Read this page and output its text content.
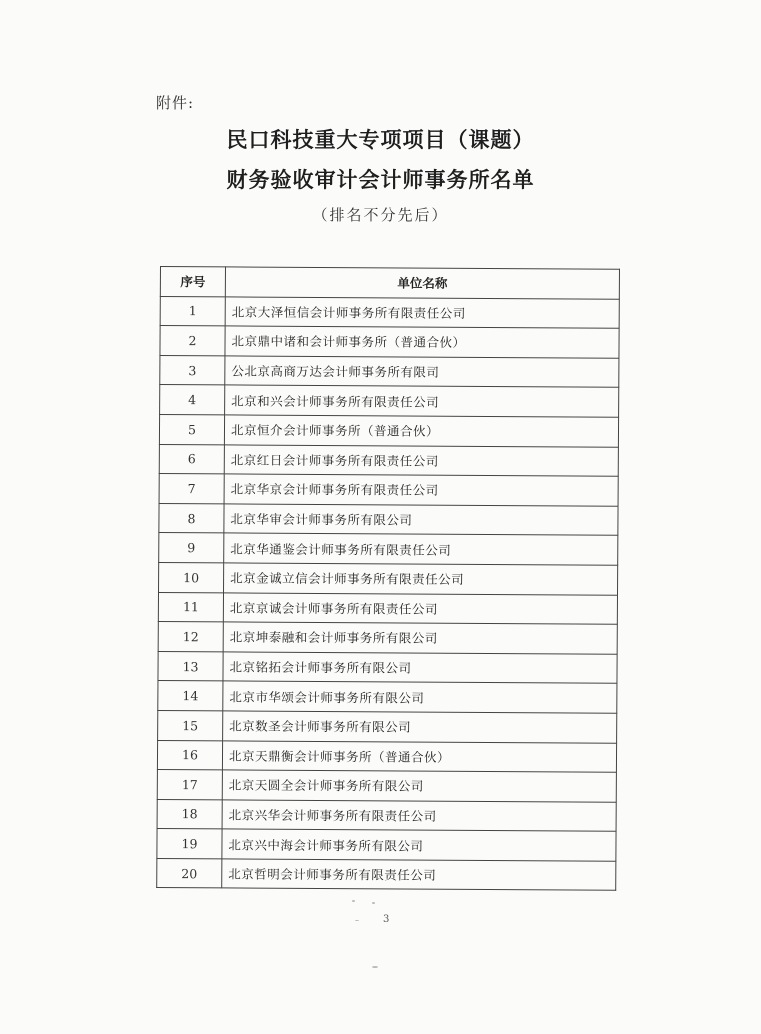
附件:
民口科技重大专项项目（课题）
财务验收审计会计师事务所名单
（排名不分先后）
序号	单位名称
1	北京大泽恒信会计师事务所有限责任公司
2	北京鼎中诸和会计师事务所（普通合伙）
3	公北京高商万达会计师事务所有限司
4	北京和兴会计师事务所有限责任公司
5	北京恒介会计师事务所（普通合伙）
6	北京红日会计师事务所有限责任公司
7	北京华京会计师事务所有限责任公司
8	北京华审会计师事务所有限公司
9	北京华通鉴会计师事务所有限责任公司
10	北京金诚立信会计师事务所有限责任公司
11	北京京诚会计师事务所有限责任公司
12	北京坤泰融和会计师事务所有限公司
13	北京铭拓会计师事务所有限公司
14	北京市华颂会计师事务所有限公司
15	北京数圣会计师事务所有限公司
16	北京天鼎衡会计师事务所（普通合伙）
17	北京天圆全会计师事务所有限公司
18	北京兴华会计师事务所有限责任公司
19	北京兴中海会计师事务所有限公司
20	北京哲明会计师事务所有限责任公司
3
